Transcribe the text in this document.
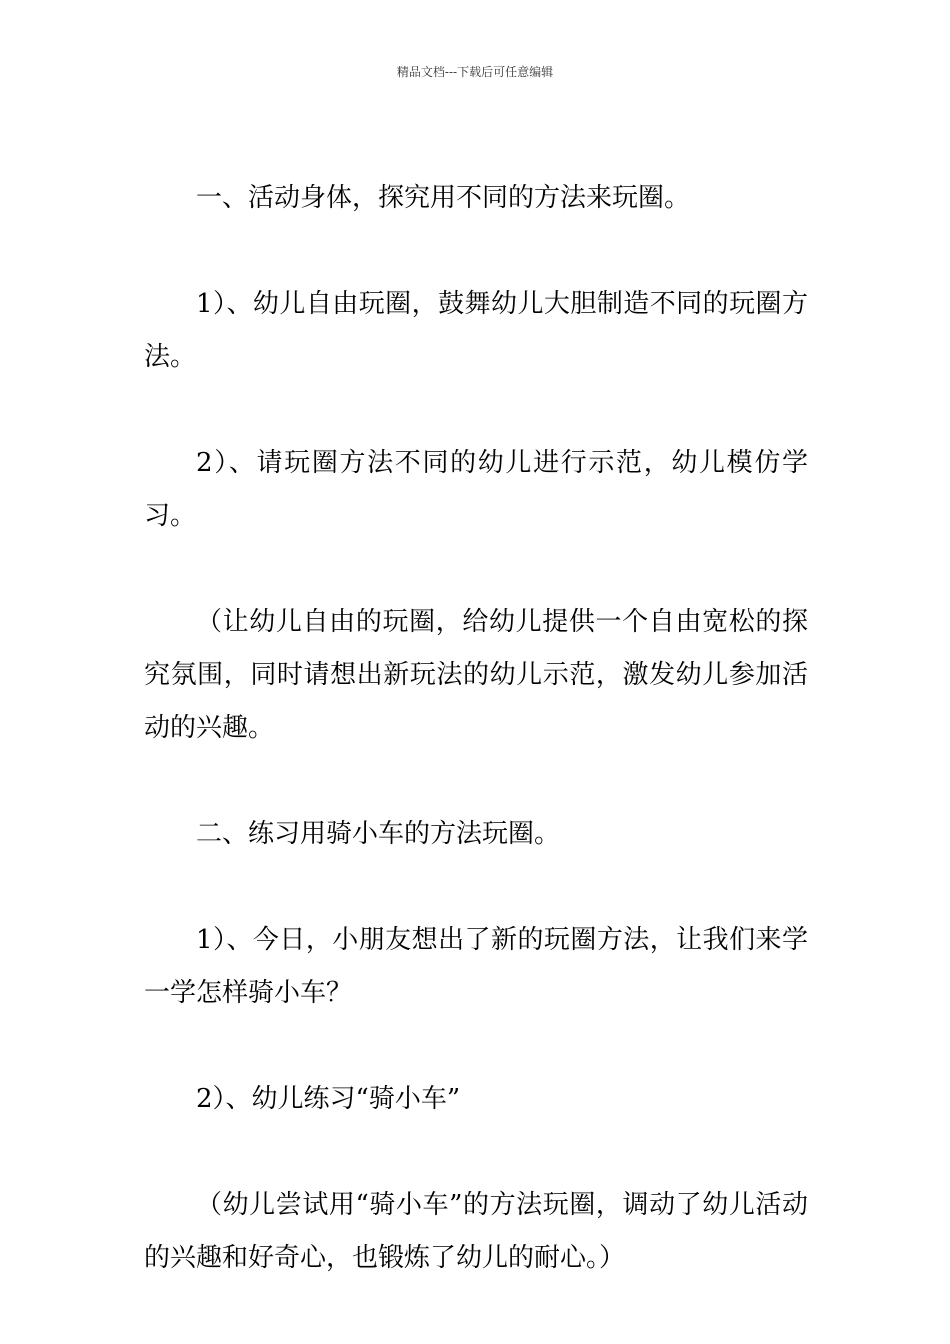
精品文档---下载后可任意编辑

一、活动身体，探究用不同的方法来玩圈。

1）、幼儿自由玩圈，鼓舞幼儿大胆制造不同的玩圈方法。

2）、请玩圈方法不同的幼儿进行示范，幼儿模仿学习。

（让幼儿自由的玩圈，给幼儿提供一个自由宽松的探究氛围，同时请想出新玩法的幼儿示范，激发幼儿参加活动的兴趣。

二、练习用骑小车的方法玩圈。

1）、今日，小朋友想出了新的玩圈方法，让我们来学一学怎样骑小车？

2）、幼儿练习“骑小车”

（幼儿尝试用“骑小车”的方法玩圈，调动了幼儿活动的兴趣和好奇心，也锻炼了幼儿的耐心。）
